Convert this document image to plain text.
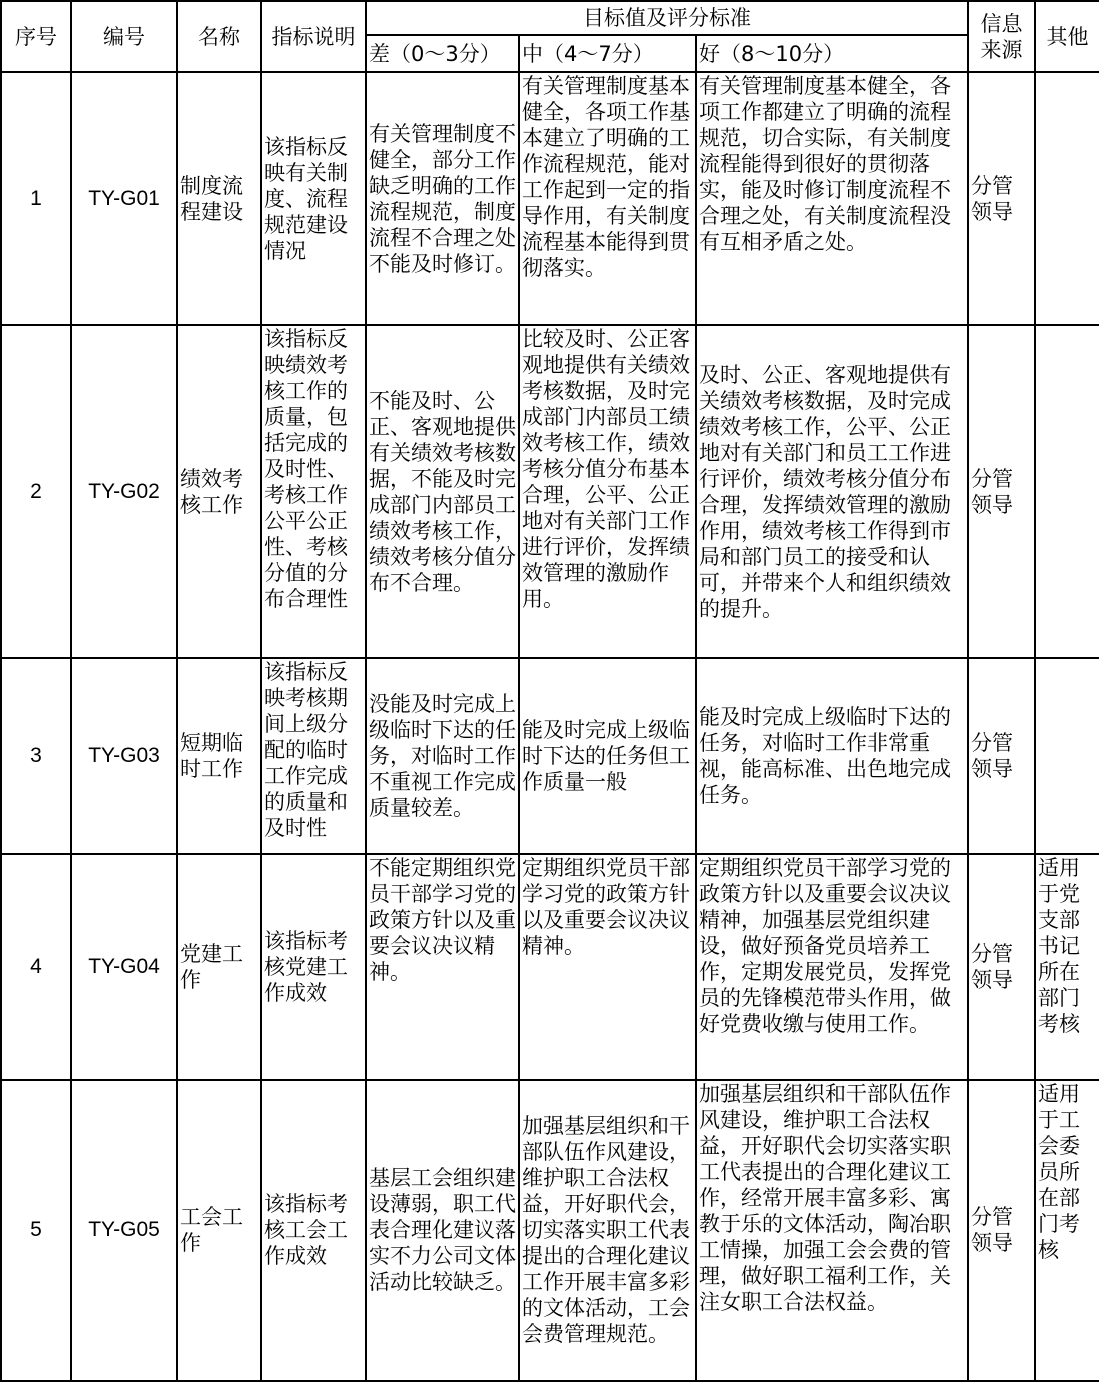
序号	编号	名称	指标说明	目标值及评分标准			信息来源	其他
				差（0～3分）	中（4～7分）	好（8～10分）		
1	TY-G01	制度流程建设	该指标反映有关制度、流程规范建设情况	有关管理制度不健全，部分工作缺乏明确的工作流程规范，制度流程不合理之处不能及时修订。	有关管理制度基本健全，各项工作基本建立了明确的工作流程规范，能对工作起到一定的指导作用，有关制度流程基本能得到贯彻落实。	有关管理制度基本健全，各项工作都建立了明确的流程规范，切合实际，有关制度流程能得到很好的贯彻落实，能及时修订制度流程不合理之处，有关制度流程没有互相矛盾之处。	分管领导	
2	TY-G02	绩效考核工作	该指标反映绩效考核工作的质量，包括完成的及时性、考核工作公平公正性、考核分值的分布合理性	不能及时、公正、客观地提供有关绩效考核数据，不能及时完成部门内部员工绩效考核工作，绩效考核分值分布不合理。	比较及时、公正客观地提供有关绩效考核数据，及时完成部门内部员工绩效考核工作，绩效考核分值分布基本合理，公平、公正地对有关部门工作进行评价，发挥绩效管理的激励作用。	及时、公正、客观地提供有关绩效考核数据，及时完成绩效考核工作，公平、公正地对有关部门和员工工作进行评价，绩效考核分值分布合理，发挥绩效管理的激励作用，绩效考核工作得到市局和部门员工的接受和认可，并带来个人和组织绩效的提升。	分管领导	
3	TY-G03	短期临时工作	该指标反映考核期间上级分配的临时工作完成的质量和及时性	没能及时完成上级临时下达的任务，对临时工作不重视工作完成质量较差。	能及时完成上级临时下达的任务但工作质量一般	能及时完成上级临时下达的任务，对临时工作非常重视，能高标准、出色地完成任务。	分管领导	
4	TY-G04	党建工作	该指标考核党建工作成效	不能定期组织党员干部学习党的政策方针以及重要会议决议精神。	定期组织党员干部学习党的政策方针以及重要会议决议精神。	定期组织党员干部学习党的政策方针以及重要会议决议精神，加强基层党组织建设，做好预备党员培养工作，定期发展党员，发挥党员的先锋模范带头作用，做好党费收缴与使用工作。	分管领导	适用于党支部书记所在部门考核
5	TY-G05	工会工作	该指标考核工会工作成效	基层工会组织建设薄弱，职工代表合理化建议落实不力公司文体活动比较缺乏。	加强基层组织和干部队伍作风建设，维护职工合法权益，开好职代会，切实落实职工代表提出的合理化建议工作开展丰富多彩的文体活动，工会会费管理规范。	加强基层组织和干部队伍作风建设，维护职工合法权益，开好职代会切实落实职工代表提出的合理化建议工作，经常开展丰富多彩、寓教于乐的文体活动，陶冶职工情操，加强工会会费的管理，做好职工福利工作，关注女职工合法权益。	分管领导	适用于工会委员所在部门考核
